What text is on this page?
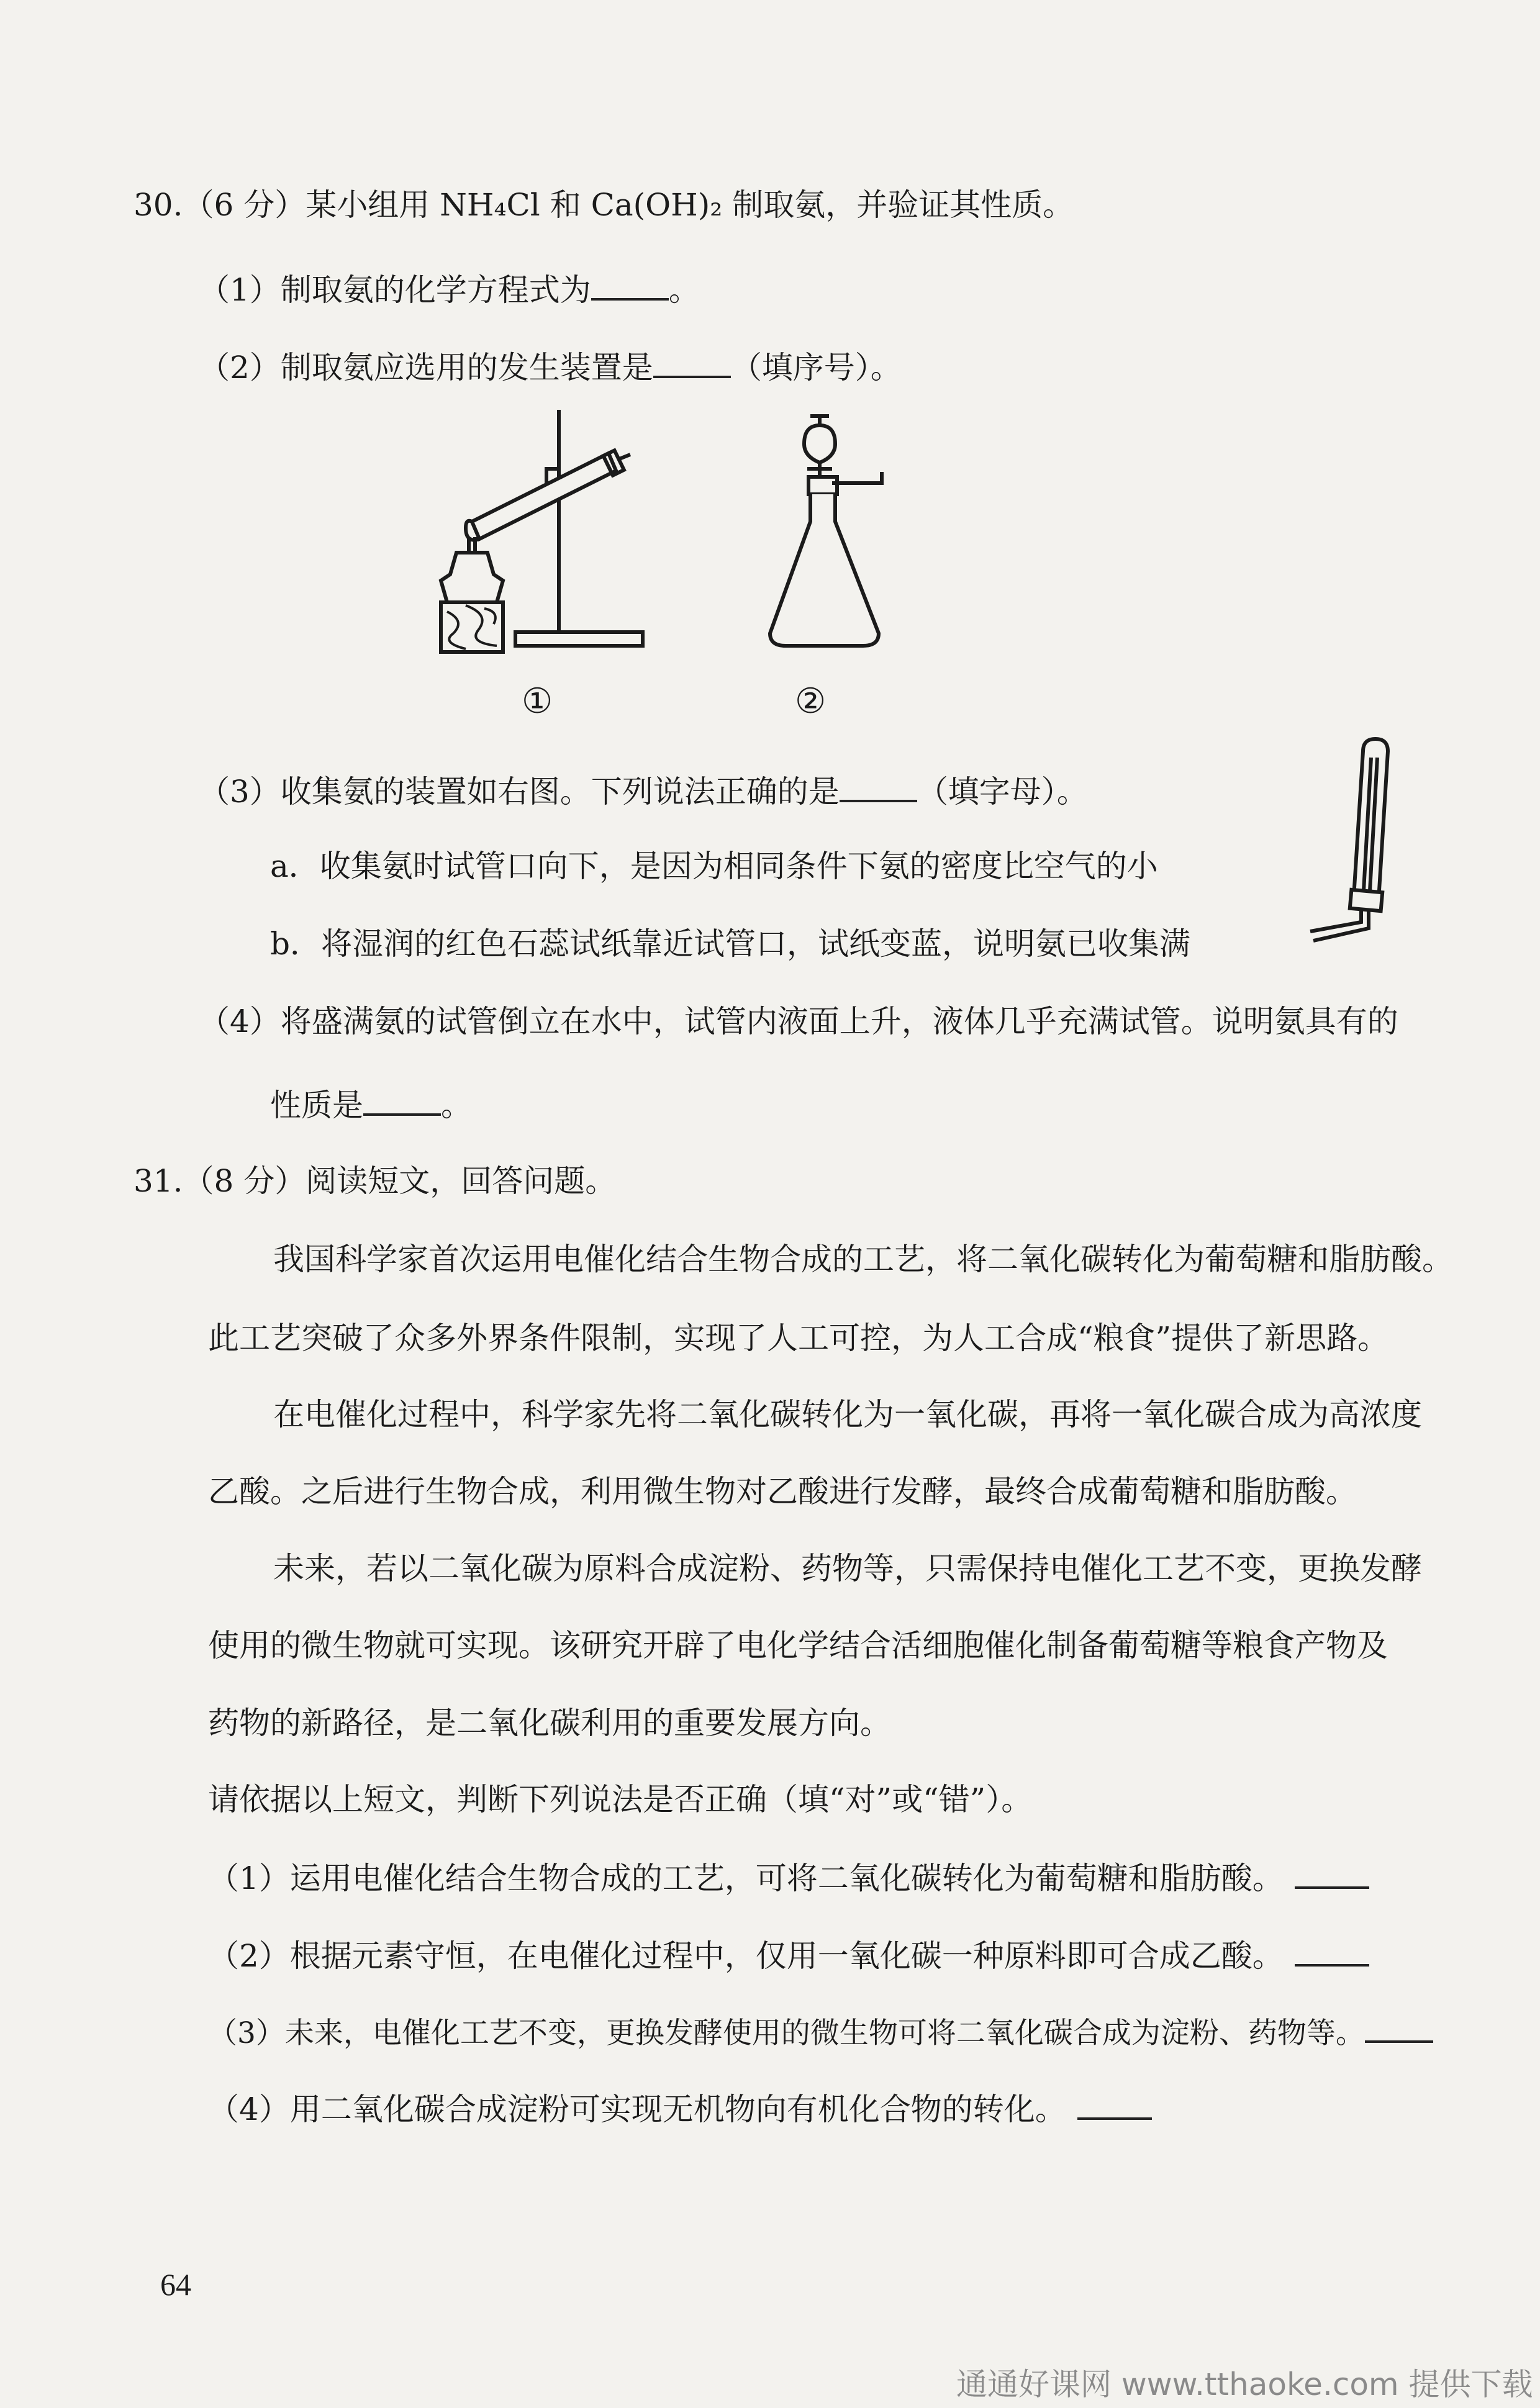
30.（6 分）某小组用 NH₄Cl 和 Ca(OH)₂ 制取氨，并验证其性质。
（1）制取氨的化学方程式为	。
（2）制取氨应选用的发生装置是	（填序号）。
①	②
（3）收集氨的装置如右图。下列说法正确的是	（填字母）。
a．收集氨时试管口向下，是因为相同条件下氨的密度比空气的小
b．将湿润的红色石蕊试纸靠近试管口，试纸变蓝，说明氨已收集满
（4）将盛满氨的试管倒立在水中，试管内液面上升，液体几乎充满试管。说明氨具有的
性质是	。
31.（8 分）阅读短文，回答问题。
我国科学家首次运用电催化结合生物合成的工艺，将二氧化碳转化为葡萄糖和脂肪酸。
此工艺突破了众多外界条件限制，实现了人工可控，为人工合成“粮食”提供了新思路。
在电催化过程中，科学家先将二氧化碳转化为一氧化碳，再将一氧化碳合成为高浓度
乙酸。之后进行生物合成，利用微生物对乙酸进行发酵，最终合成葡萄糖和脂肪酸。
未来，若以二氧化碳为原料合成淀粉、药物等，只需保持电催化工艺不变，更换发酵
使用的微生物就可实现。该研究开辟了电化学结合活细胞催化制备葡萄糖等粮食产物及
药物的新路径，是二氧化碳利用的重要发展方向。
请依据以上短文，判断下列说法是否正确（填“对”或“错”）。
（1）运用电催化结合生物合成的工艺，可将二氧化碳转化为葡萄糖和脂肪酸。
（2）根据元素守恒，在电催化过程中，仅用一氧化碳一种原料即可合成乙酸。
（3）未来，电催化工艺不变，更换发酵使用的微生物可将二氧化碳合成为淀粉、药物等。
（4）用二氧化碳合成淀粉可实现无机物向有机化合物的转化。
64
通通好课网 www.tthaoke.com 提供下载
